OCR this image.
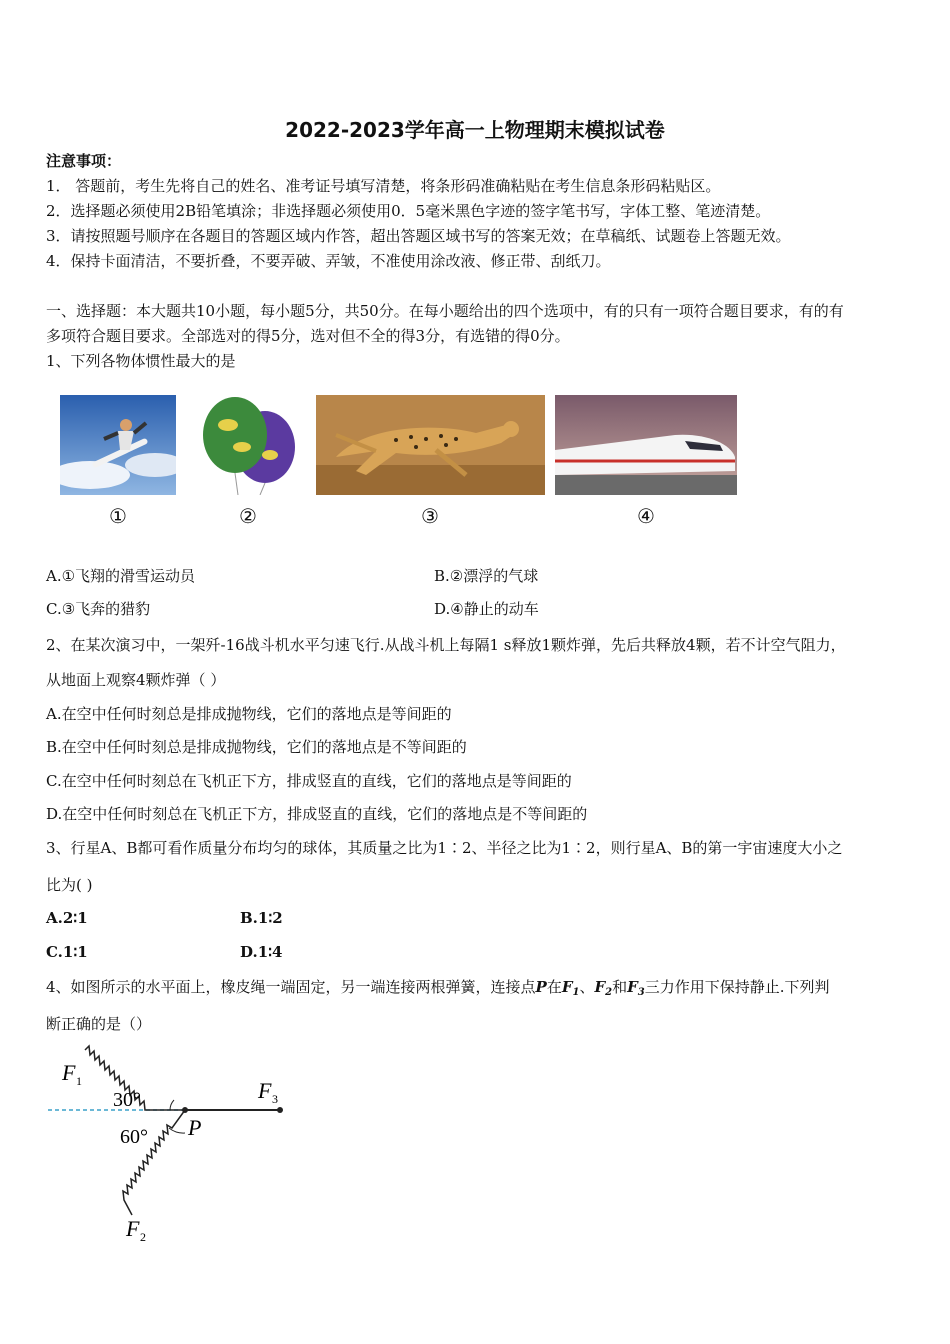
2022-2023学年高一上物理期末模拟试卷
注意事项：
1． 答题前，考生先将自己的姓名、准考证号填写清楚，将条形码准确粘贴在考生信息条形码粘贴区。
2．选择题必须使用2B铅笔填涂；非选择题必须使用0．5毫米黑色字迹的签字笔书写，字体工整、笔迹清楚。
3．请按照题号顺序在各题目的答题区域内作答，超出答题区域书写的答案无效；在草稿纸、试题卷上答题无效。
4．保持卡面清洁，不要折叠，不要弄破、弄皱，不准使用涂改液、修正带、刮纸刀。
一、选择题：本大题共10小题，每小题5分，共50分。在每小题给出的四个选项中，有的只有一项符合题目要求，有的有
多项符合题目要求。全部选对的得5分，选对但不全的得3分，有选错的得0分。
1、下列各物体惯性最大的是
①	②	③	④
A.①飞翔的滑雪运动员	B.②漂浮的气球
C.③飞奔的猎豹	D.④静止的动车
2、在某次演习中，一架歼-16战斗机水平匀速飞行.从战斗机上每隔1 s释放1颗炸弹，先后共释放4颗，若不计空气阻力，
从地面上观察4颗炸弹（ ）
A.在空中任何时刻总是排成抛物线，它们的落地点是等间距的
B.在空中任何时刻总是排成抛物线，它们的落地点是不等间距的
C.在空中任何时刻总在飞机正下方，排成竖直的直线，它们的落地点是等间距的
D.在空中任何时刻总在飞机正下方，排成竖直的直线，它们的落地点是不等间距的
3、行星A、B都可看作质量分布均匀的球体，其质量之比为1∶2、半径之比为1∶2，则行星A、B的第一宇宙速度大小之
比为( )
A.2∶1	B.1∶2
C.1∶1	D.1∶4
4、如图所示的水平面上，橡皮绳一端固定，另一端连接两根弹簧，连接点P在$F_1$、$F_2$和$F_3$三力作用下保持静止.下列判
断正确的是（）
F 1	F 3
F 2
30°
60° P
